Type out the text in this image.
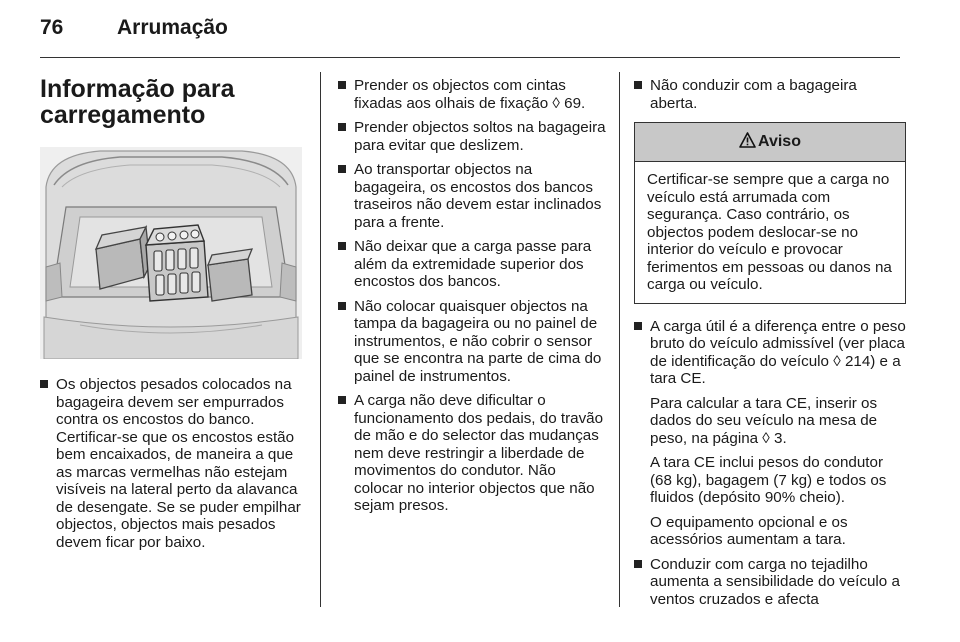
76	Arrumação
Informação para carregamento
Os objectos pesados colocados na bagageira devem ser empurrados contra os encostos do banco. Certificar-se que os encostos estão bem encaixados, de maneira a que as marcas vermelhas não estejam visíveis na lateral perto da alavanca de desengate. Se se puder empilhar objectos, objectos mais pesados devem ficar por baixo.
Prender os objectos com cintas fixadas aos olhais de fixação ◊ 69.
Prender objectos soltos na bagageira para evitar que deslizem.
Ao transportar objectos na bagageira, os encostos dos bancos traseiros não devem estar inclinados para a frente.
Não deixar que a carga passe para além da extremidade superior dos encostos dos bancos.
Não colocar quaisquer objectos na tampa da bagageira ou no painel de instrumentos, e não cobrir o sensor que se encontra na parte de cima do painel de instrumentos.
A carga não deve dificultar o funcionamento dos pedais, do travão de mão e do selector das mudanças nem deve restringir a liberdade de movimentos do condutor. Não colocar no interior objectos que não sejam presos.
Não conduzir com a bagageira aberta.
Aviso
Certificar-se sempre que a carga no veículo está arrumada com segurança. Caso contrário, os objectos podem deslocar-se no interior do veículo e provocar ferimentos em pessoas ou danos na carga ou veículo.
A carga útil é a diferença entre o peso bruto do veículo admissível (ver placa de identificação do veículo ◊ 214) e a tara CE.
Para calcular a tara CE, inserir os dados do seu veículo na mesa de peso, na página ◊ 3.
A tara CE inclui pesos do condutor (68 kg), bagagem (7 kg) e todos os fluidos (depósito 90% cheio).
O equipamento opcional e os acessórios aumentam a tara.
Conduzir com carga no tejadilho aumenta a sensibilidade do veículo a ventos cruzados e afecta
